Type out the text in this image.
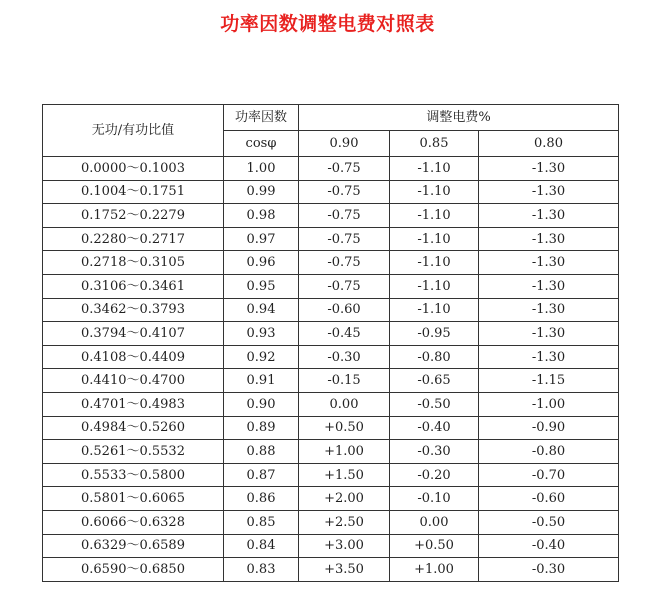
功率因数调整电费对照表
无功/有功比值	功率因数	调整电费%		
	cosφ	0.90	0.85	0.80
0.0000～0.1003	1.00	-0.75	-1.10	-1.30
0.1004～0.1751	0.99	-0.75	-1.10	-1.30
0.1752～0.2279	0.98	-0.75	-1.10	-1.30
0.2280～0.2717	0.97	-0.75	-1.10	-1.30
0.2718～0.3105	0.96	-0.75	-1.10	-1.30
0.3106～0.3461	0.95	-0.75	-1.10	-1.30
0.3462～0.3793	0.94	-0.60	-1.10	-1.30
0.3794～0.4107	0.93	-0.45	-0.95	-1.30
0.4108～0.4409	0.92	-0.30	-0.80	-1.30
0.4410～0.4700	0.91	-0.15	-0.65	-1.15
0.4701～0.4983	0.90	0.00	-0.50	-1.00
0.4984～0.5260	0.89	+0.50	-0.40	-0.90
0.5261～0.5532	0.88	+1.00	-0.30	-0.80
0.5533～0.5800	0.87	+1.50	-0.20	-0.70
0.5801～0.6065	0.86	+2.00	-0.10	-0.60
0.6066～0.6328	0.85	+2.50	0.00	-0.50
0.6329～0.6589	0.84	+3.00	+0.50	-0.40
0.6590～0.6850	0.83	+3.50	+1.00	-0.30
